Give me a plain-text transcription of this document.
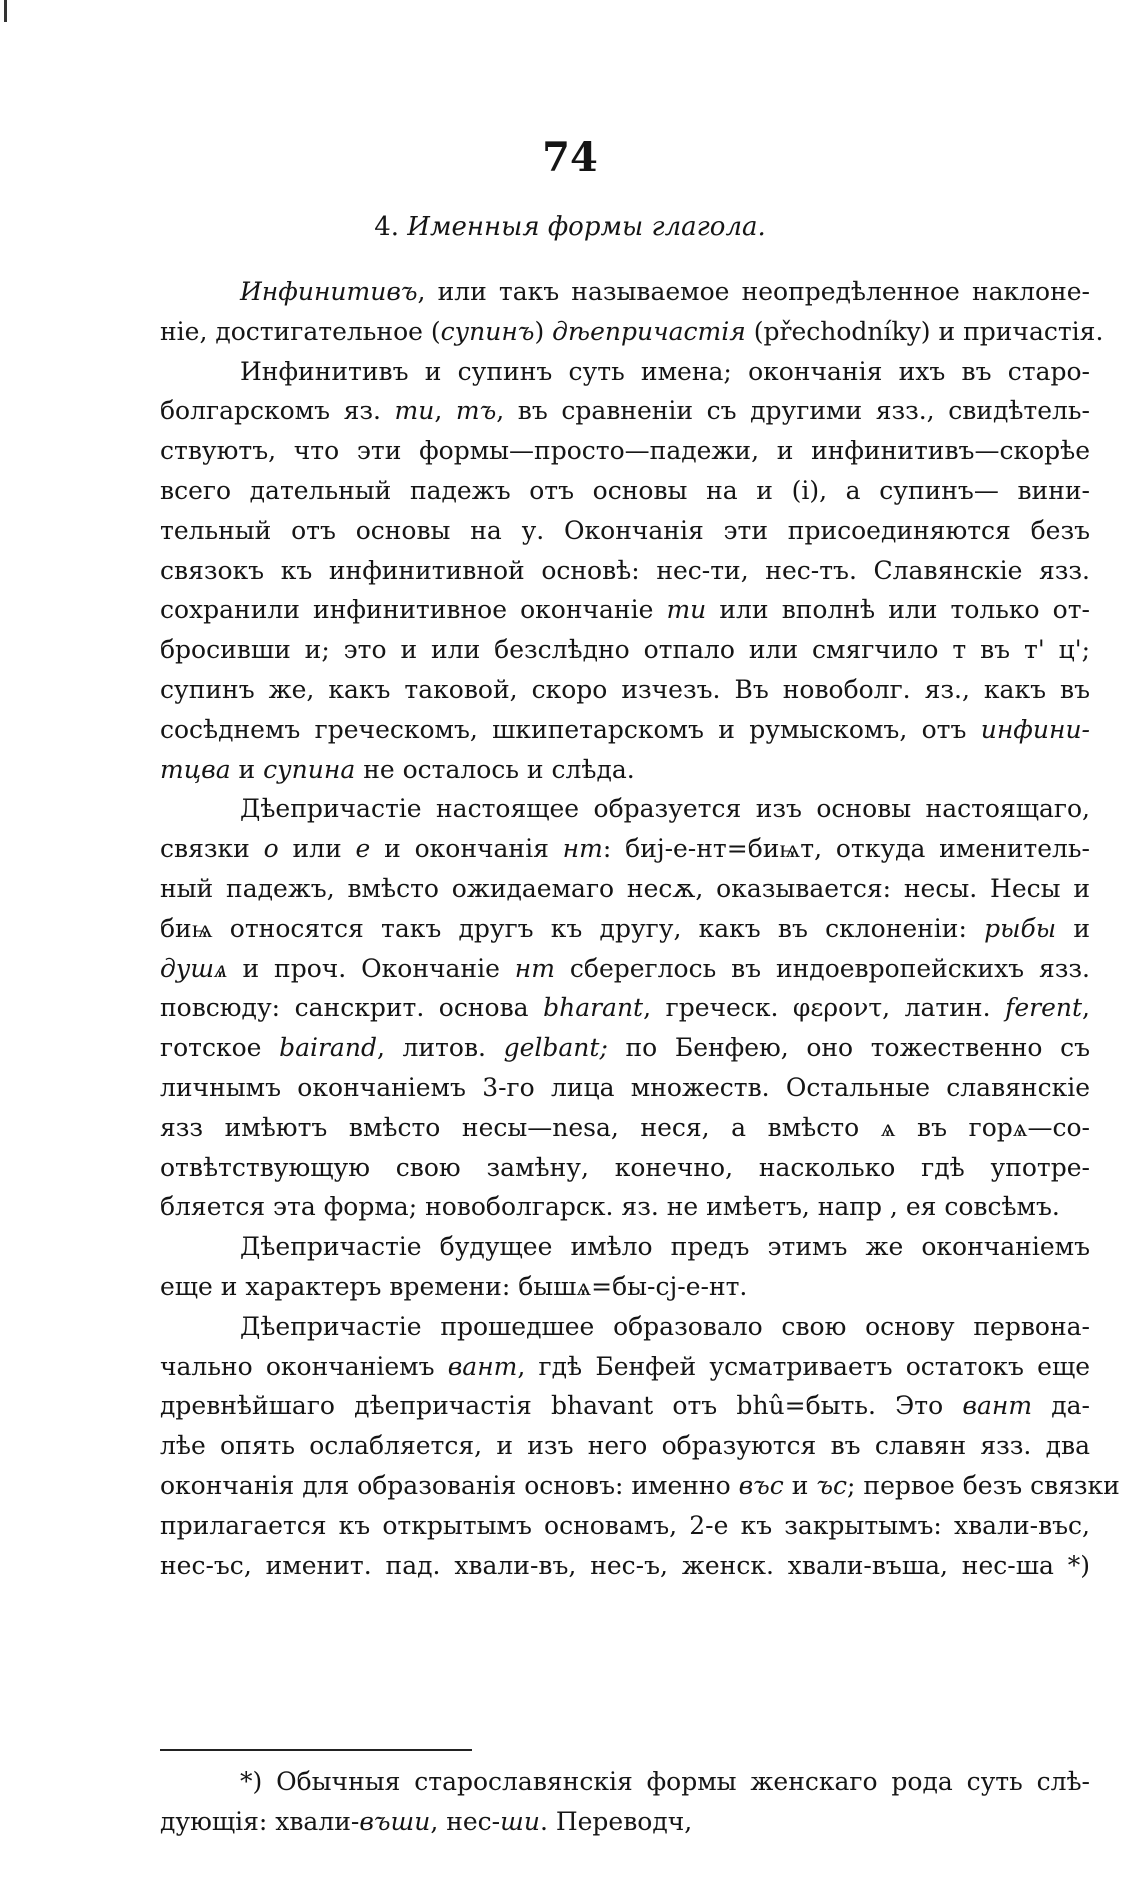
74
4. Именныя формы глагола.
Инфинитивъ, или такъ называемое неопредѣленное наклоне-
ніе, достигательное (супинъ) дѣепричастія (přechodníky) и причастія.
Инфинитивъ и супинъ суть имена; окончанія ихъ въ старо-
болгарскомъ яз. ти, тъ, въ сравненіи съ другими язз., свидѣтель-
ствуютъ, что эти формы—просто—падежи, и инфинитивъ—скорѣе
всего дательный падежъ отъ основы на и (i), а супинъ— вини-
тельный отъ основы на у. Окончанія эти присоединяются безъ
связокъ къ инфинитивной основѣ: нес-ти, нес-тъ. Славянскіе язз.
сохранили инфинитивное окончаніе ти или вполнѣ или только от-
бросивши и; это и или безслѣдно отпало или смягчило т въ т' ц';
супинъ же, какъ таковой, скоро изчезъ. Въ новоболг. яз., какъ въ
сосѣднемъ греческомъ, шкипетарскомъ и румыскомъ, отъ инфини-
тцва и супина не осталось и слѣда.
Дѣепричастіе настоящее образуется изъ основы настоящаго,
связки о или е и окончанія нт: биј-е-нт=биѩт, откуда именитель-
ный падежъ, вмѣсто ожидаемаго несѫ, оказывается: несы. Несы и
биѩ относятся такъ другъ къ другу, какъ въ склоненіи: рыбы и
душѧ и проч. Окончаніе нт сбереглось въ индоевропейскихъ язз.
повсюду: санскрит. основа bharant, греческ. φεροντ, латин. ferent,
готское bairand, литов. gelbant; по Бенфею, оно тожественно съ
личнымъ окончаніемъ 3-го лица множеств. Остальные славянскіе
язз имѣютъ вмѣсто несы—nesa, неся, а вмѣсто ѧ въ горѧ—со-
отвѣтствующую свою замѣну, конечно, насколько гдѣ употре-
бляется эта форма; новоболгарск. яз. не имѣетъ, напр , ея совсѣмъ.
Дѣепричастіе будущее имѣло предъ этимъ же окончаніемъ
еще и характеръ времени: бышѧ=бы-сј-е-нт.
Дѣепричастіе прошедшее образовало свою основу первона-
чально окончаніемъ вант, гдѣ Бенфей усматриваетъ остатокъ еще
древнѣйшаго дѣепричастія bhavant отъ bhû=быть. Это вант да-
лѣе опять ослабляется, и изъ него образуются въ славян язз. два
окончанія для образованія основъ: именно въс и ъс; первое безъ связки
прилагается къ открытымъ основамъ, 2-е къ закрытымъ: хвали-въс,
нес-ъс, именит. пад. хвали-въ, нес-ъ, женск. хвали-въша, нес-ша *)
*) Обычныя старославянскія формы женскаго рода суть слѣ-
дующія: хвали-въши, нес-ши. Переводч,
